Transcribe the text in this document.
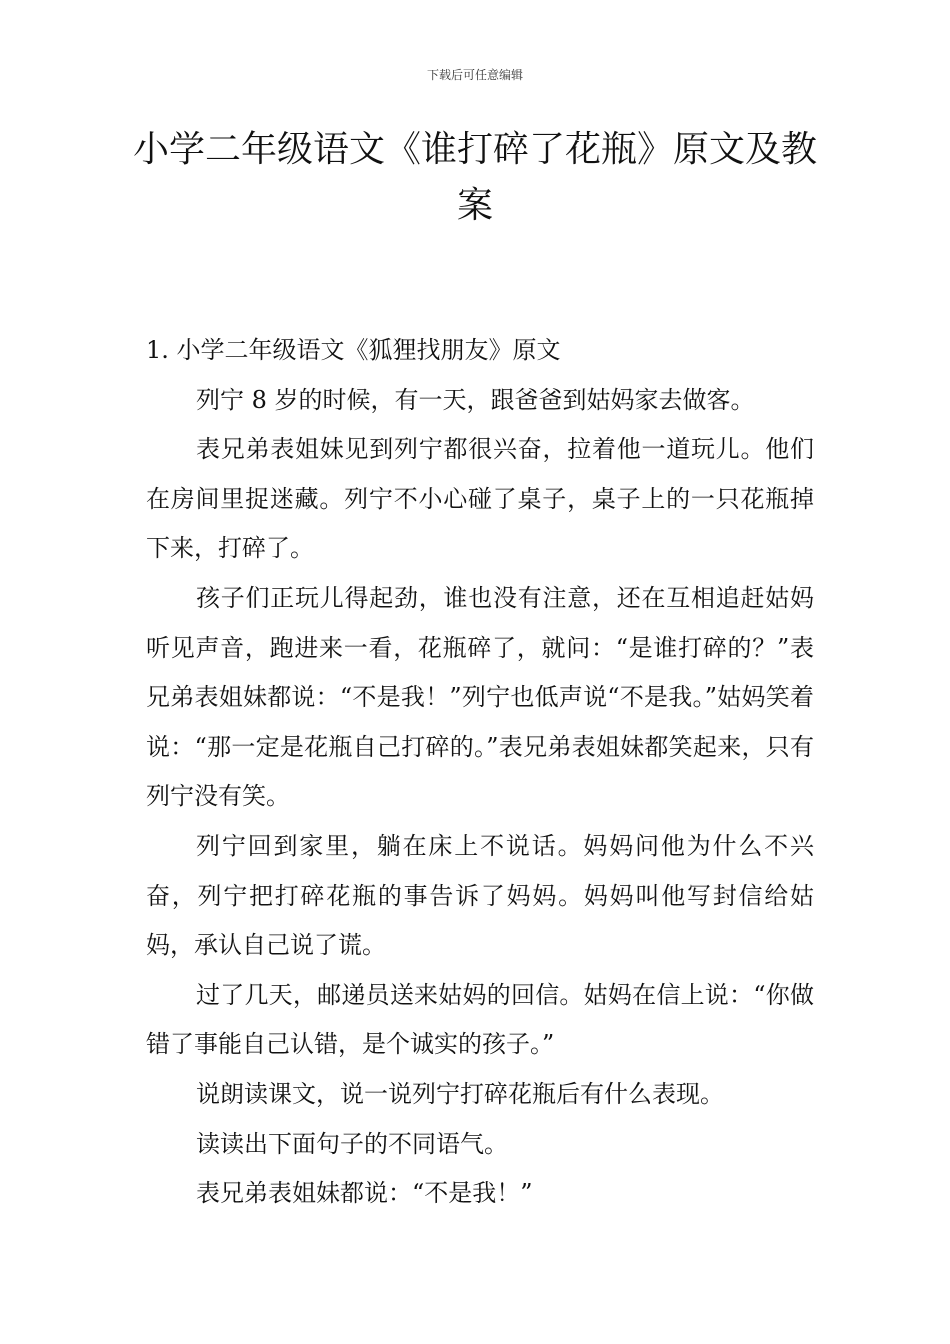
下载后可任意编辑
小学二年级语文《谁打碎了花瓶》原文及教案

1. 小学二年级语文《狐狸找朋友》原文

列宁 8 岁的时候，有一天，跟爸爸到姑妈家去做客。

表兄弟表姐妹见到列宁都很兴奋，拉着他一道玩儿。他们在房间里捉迷藏。列宁不小心碰了桌子，桌子上的一只花瓶掉下来，打碎了。

孩子们正玩儿得起劲，谁也没有注意，还在互相追赶姑妈听见声音，跑进来一看，花瓶碎了，就问：“是谁打碎的？”表兄弟表姐妹都说：“不是我！”列宁也低声说“不是我。”姑妈笑着说：“那一定是花瓶自己打碎的。”表兄弟表姐妹都笑起来，只有列宁没有笑。

列宁回到家里，躺在床上不说话。妈妈问他为什么不兴奋，列宁把打碎花瓶的事告诉了妈妈。妈妈叫他写封信给姑妈，承认自己说了谎。

过了几天，邮递员送来姑妈的回信。姑妈在信上说：“你做错了事能自己认错，是个诚实的孩子。”

说朗读课文，说一说列宁打碎花瓶后有什么表现。

读读出下面句子的不同语气。

表兄弟表姐妹都说：“不是我！”
